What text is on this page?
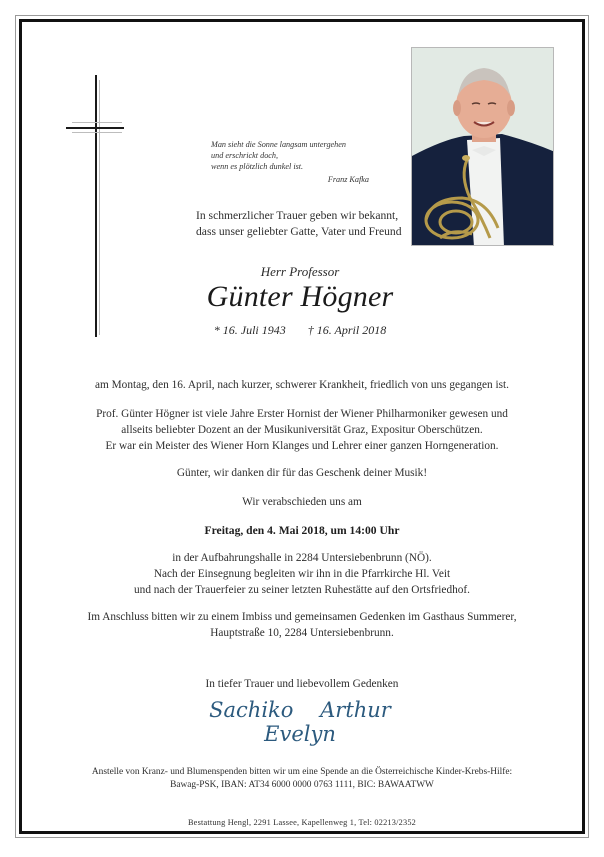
Man sieht die Sonne langsam untergehen
und erschrickt doch,
wenn es plötzlich dunkel ist.
Franz Kafka
In schmerzlicher Trauer geben wir bekannt,
dass unser geliebter Gatte, Vater und Freund
Herr Professor
Günter Högner
* 16. Juli 1943 † 16. April 2018
am Montag, den 16. April, nach kurzer, schwerer Krankheit, friedlich von uns gegangen ist.
Prof. Günter Högner ist viele Jahre Erster Hornist der Wiener Philharmoniker gewesen und
allseits beliebter Dozent an der Musikuniversität Graz, Expositur Oberschützen.
Er war ein Meister des Wiener Horn Klanges und Lehrer einer ganzen Horngeneration.
Günter, wir danken dir für das Geschenk deiner Musik!
Wir verabschieden uns am
Freitag, den 4. Mai 2018, um 14:00 Uhr
in der Aufbahrungshalle in 2284 Untersiebenbrunn (NÖ).
Nach der Einsegnung begleiten wir ihn in die Pfarrkirche Hl. Veit
und nach der Trauerfeier zu seiner letzten Ruhestätte auf den Ortsfriedhof.
Im Anschluss bitten wir zu einem Imbiss und gemeinsamen Gedenken im Gasthaus Summerer,
Hauptstraße 10, 2284 Untersiebenbrunn.
In tiefer Trauer und liebevollem Gedenken
Sachiko Arthur Evelyn
Anstelle von Kranz- und Blumenspenden bitten wir um eine Spende an die Österreichische Kinder-Krebs-Hilfe:
Bawag-PSK, IBAN: AT34 6000 0000 0763 1111, BIC: BAWAATWW
Bestattung Hengl, 2291 Lassee, Kapellenweg 1, Tel: 02213/2352
